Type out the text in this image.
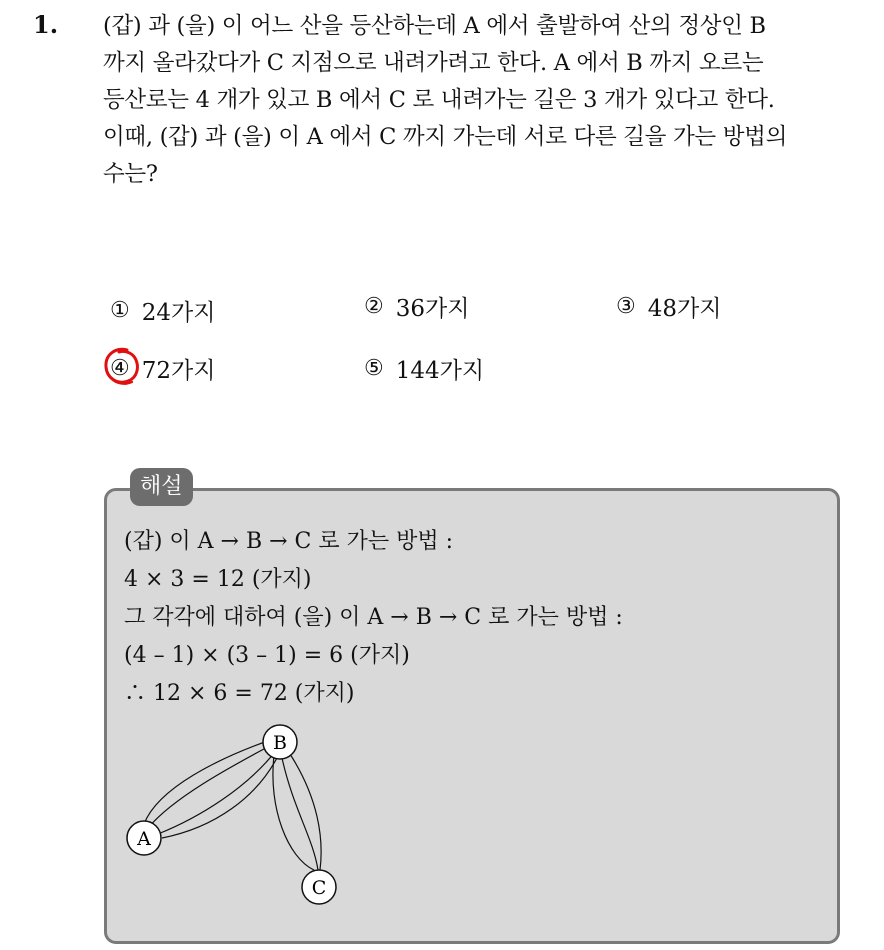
1. (갑) 과 (을) 이 어느 산을 등산하는데 A 에서 출발하여 산의 정상인 B
까지 올라갔다가 C 지점으로 내려가려고 한다. A 에서 B 까지 오르는
등산로는 4 개가 있고 B 에서 C 로 내려가는 길은 3 개가 있다고 한다.
이때, (갑) 과 (을) 이 A 에서 C 까지 가는데 서로 다른 길을 가는 방법의
수는?
① 24가지	② 36가지	③ 48가지
④ 72가지	⑤ 144가지
해설
(갑) 이 A → B → C 로 가는 방법 :
4 × 3 = 12 (가지)
그 각각에 대하여 (을) 이 A → B → C 로 가는 방법 :
(4 – 1) × (3 – 1) = 6 (가지)
∴ 12 × 6 = 72 (가지)
B
A
C
